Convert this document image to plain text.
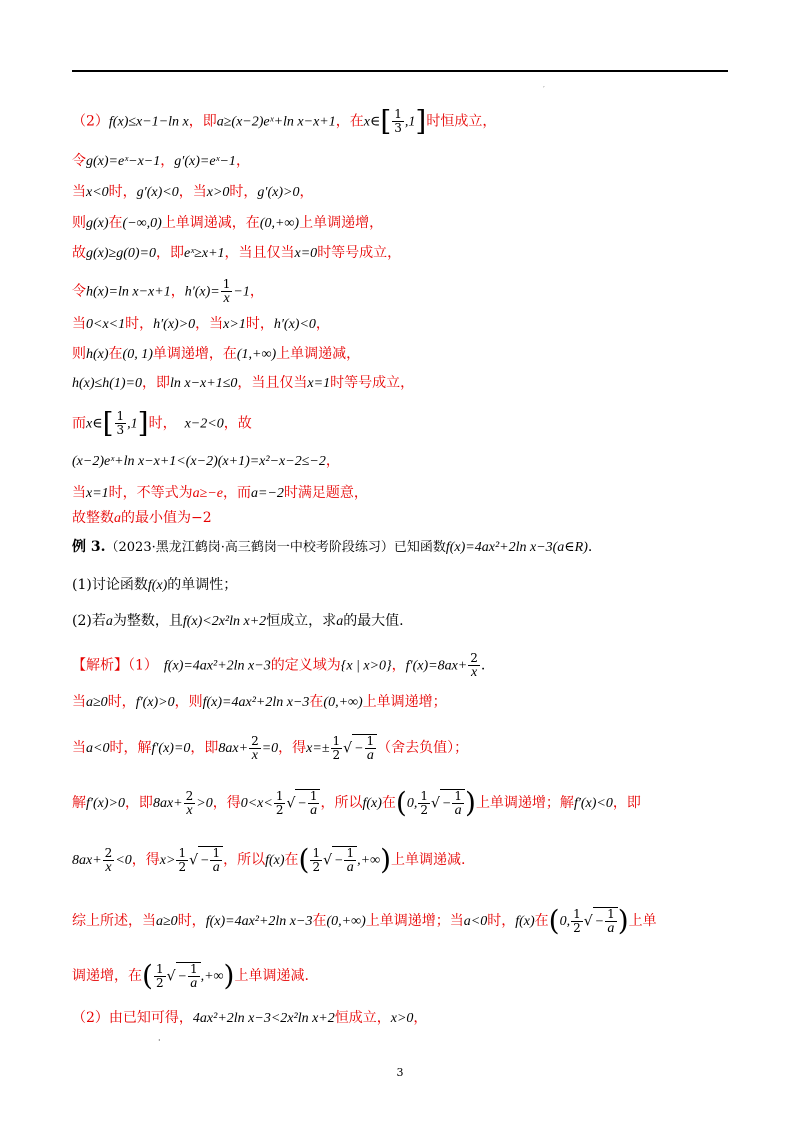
′
（2）f(x)≤x−1−ln x，即a≥(x−2)eˣ+ln x−x+1，在x∈[ $\frac{1}{3} ,1$]时恒成立，
令g(x)=eˣ−x−1，g′(x)=eˣ−1，
当x<0时，g′(x)<0，当x>0时，g′(x)>0，
则g(x)在(−∞,0)上单调递减，在(0,+∞)上单调递增，
故g(x)≥g(0)=0，即eˣ≥x+1，当且仅当x=0时等号成立，
令h(x)=ln x−x+1，$h'(x)= \frac{1}{x} -1$，
当0<x<1时，h′(x)>0，当x>1时，h′(x)<0，
则h(x)在(0, 1)单调递增，在(1,+∞)上单调递减，
h(x)≤h(1)=0，即ln x−x+1≤0，当且仅当x=1时等号成立，
而x∈[ $\frac{1}{3} ,1$]时， x−2<0，故
(x−2)eˣ+ln x−x+1<(x−2)(x+1)=x²−x−2≤−2，
当x=1时，不等式为a≥−e，而a=−2时满足题意，
故整数a的最小值为−2
例 3.（2023·黑龙江鹤岗·高三鹤岗一中校考阶段练习）已知函数f(x)=4ax²+2ln x−3(a∈R).
(1)讨论函数f(x)的单调性；
(2)若a为整数，且f(x)<2x²ln x+2恒成立，求a的最大值.
【解析】（1） f(x)=4ax²+2ln x−3的定义域为{x | x>0}，$f'(x)=8ax+ \frac{2}{x}$ .
当a≥0时，f′(x)>0，则f(x)=4ax²+2ln x−3在(0,+∞)上单调递增；
当a<0时，解f′(x)=0，即$8ax+ \frac{2}{x} =0$，得$x=\pm \frac{1}{2}$ √ − $\frac{1}{a}$ （舍去负值）；
解f′(x)>0，即$8ax+ \frac{2}{x} >0$，得$0<x< \frac{1}{2}$ √ − $\frac{1}{a}$ ，所以f(x)在(0, $\frac{1}{2}$ √ − $\frac{1}{a}$ )上单调递增；解f′(x)<0，即
$8ax+ \frac{2}{x} <0$，得$x> \frac{1}{2}$ √ − $\frac{1}{a}$ ，所以f(x)在( $\frac{1}{2}$ √ − $\frac{1}{a}$ ,+∞)上单调递减.
综上所述，当a≥0时，f(x)=4ax²+2ln x−3在(0,+∞)上单调递增；当a<0时，f(x)在(0, $\frac{1}{2}$ √ − $\frac{1}{a}$ )上单
调递增，在( $\frac{1}{2}$ √ − $\frac{1}{a}$ ,+∞)上单调递减.
（2）由已知可得，4ax²+2ln x−3<2x²ln x+2恒成立，x>0，
·
3
